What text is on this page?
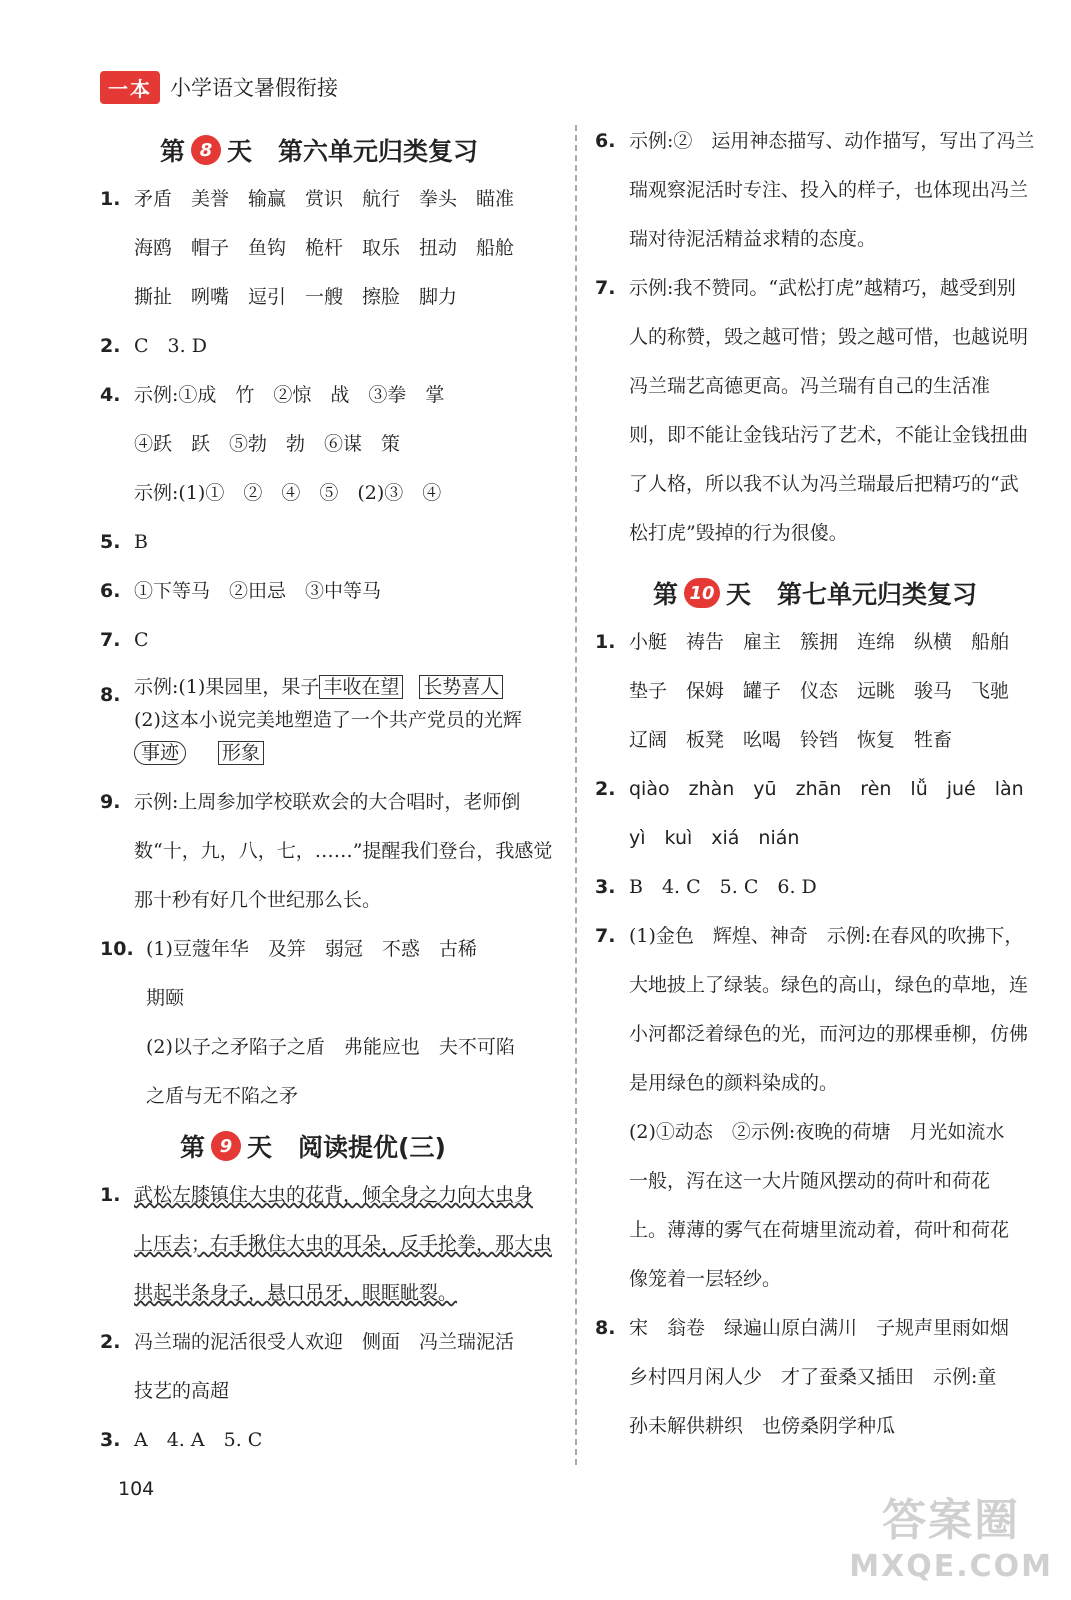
一本 小学语文暑假衔接
第 8 天 第六单元归类复习
1. 矛盾　美誉　输赢　赏识　航行　拳头　瞄准
海鸥　帽子　鱼钩　桅杆　取乐　扭动　船舱
撕扯　咧嘴　逗引　一艘　擦脸　脚力
2. C　3. D
4. 示例:①成　竹　②惊　战　③拳　掌
④跃　跃　⑤勃　勃　⑥谋　策
示例:(1)①　②　④　⑤　(2)③　④
5. B
6. ①下等马　②田忌　③中等马
7. C
8. 示例:(1)果园里，果子 丰收在望 长势喜人
(2)这本小说完美地塑造了一个共产党员的光辉
事迹 形象
9. 示例:上周参加学校联欢会的大合唱时，老师倒
数“十，九，八，七，……”提醒我们登台，我感觉
那十秒有好几个世纪那么长。
10. (1)豆蔻年华　及笄　弱冠　不惑　古稀
期颐
(2)以子之矛陷子之盾　弗能应也　夫不可陷
之盾与无不陷之矛
第 9 天 阅读提优(三)
1. 武松左膝镇住大虫的花背，倾全身之力向大虫身
上压去；右手揪住大虫的耳朵，反手抡拳，那大虫
拱起半条身子，悬口吊牙，眼眶眦裂。
2. 冯兰瑞的泥活很受人欢迎　侧面　冯兰瑞泥活
技艺的高超
3. A　4. A　5. C
6. 示例:②　运用神态描写、动作描写，写出了冯兰
瑞观察泥活时专注、投入的样子，也体现出冯兰
瑞对待泥活精益求精的态度。
7. 示例:我不赞同。“武松打虎”越精巧，越受到别
人的称赞，毁之越可惜；毁之越可惜，也越说明
冯兰瑞艺高德更高。冯兰瑞有自己的生活准
则，即不能让金钱玷污了艺术，不能让金钱扭曲
了人格，所以我不认为冯兰瑞最后把精巧的“武
松打虎”毁掉的行为很傻。
第 10 天 第七单元归类复习
1. 小艇　祷告　雇主　簇拥　连绵　纵横　船舶
垫子　保姆　罐子　仪态　远眺　骏马　飞驰
辽阔　板凳　吆喝　铃铛　恢复　牲畜
2. qiào　zhàn　yū　zhān　rèn　lǚ　jué　làn
yì　kuì　xiá　nián
3. B　4. C　5. C　6. D
7. (1)金色　辉煌、神奇　示例:在春风的吹拂下，
大地披上了绿装。绿色的高山，绿色的草地，连
小河都泛着绿色的光，而河边的那棵垂柳，仿佛
是用绿色的颜料染成的。
(2)①动态　②示例:夜晚的荷塘　月光如流水
一般，泻在这一大片随风摆动的荷叶和荷花
上。薄薄的雾气在荷塘里流动着，荷叶和荷花
像笼着一层轻纱。
8. 宋　翁卷　绿遍山原白满川　子规声里雨如烟
乡村四月闲人少　才了蚕桑又插田　示例:童
孙未解供耕织　也傍桑阴学种瓜
104
答案圈
MXQE.COM
